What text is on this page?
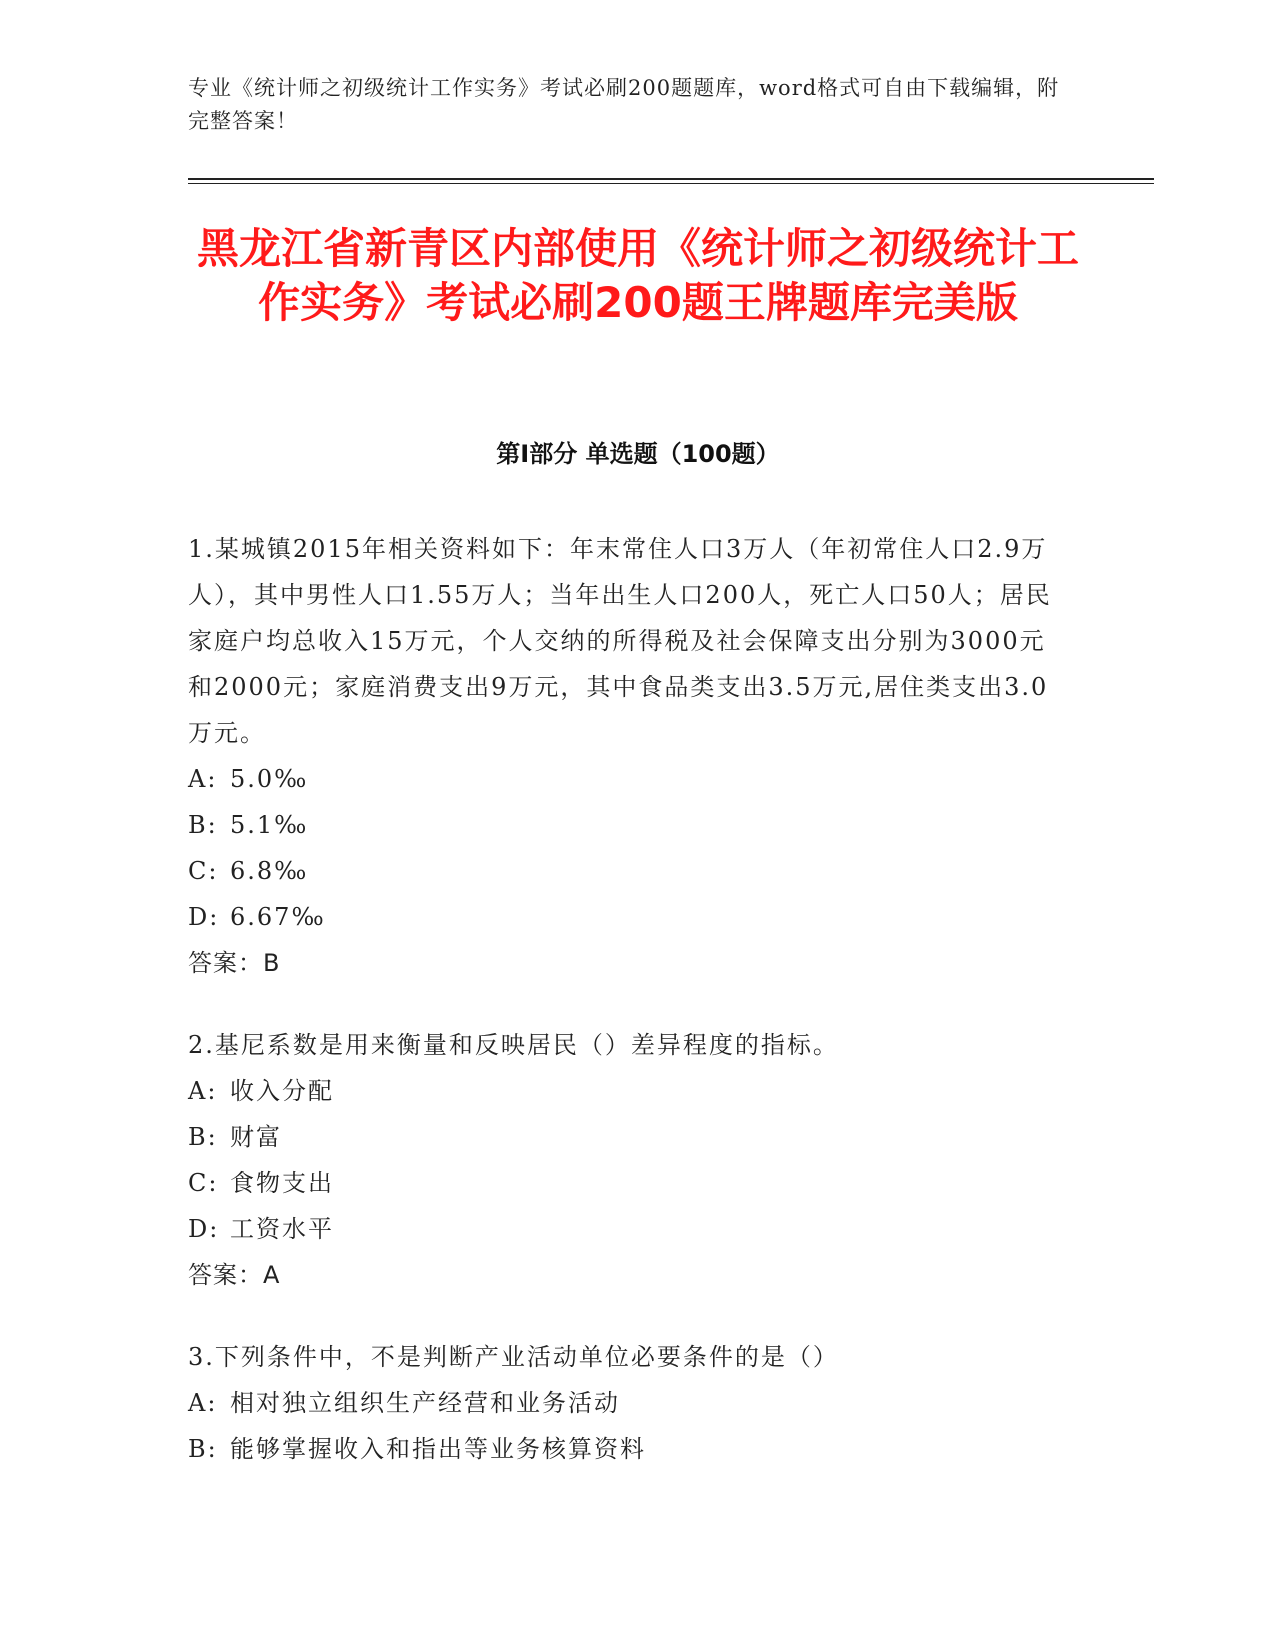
专业《统计师之初级统计工作实务》考试必刷200题题库，word格式可自由下载编辑，附完整答案！
黑龙江省新青区内部使用《统计师之初级统计工作实务》考试必刷200题王牌题库完美版
第I部分 单选题（100题）

1.某城镇2015年相关资料如下：年末常住人口3万人（年初常住人口2.9万人），其中男性人口1.55万人；当年出生人口200人，死亡人口50人；居民家庭户均总收入15万元，个人交纳的所得税及社会保障支出分别为3000元和2000元；家庭消费支出9万元，其中食品类支出3.5万元,居住类支出3.0万元。

A: 5.0‰

B: 5.1‰

C: 6.8‰

D: 6.67‰

答案：B

2.基尼系数是用来衡量和反映居民（）差异程度的指标。

A: 收入分配

B: 财富

C: 食物支出

D: 工资水平

答案：A

3.下列条件中，不是判断产业活动单位必要条件的是（）

A: 相对独立组织生产经营和业务活动

B: 能够掌握收入和指出等业务核算资料
